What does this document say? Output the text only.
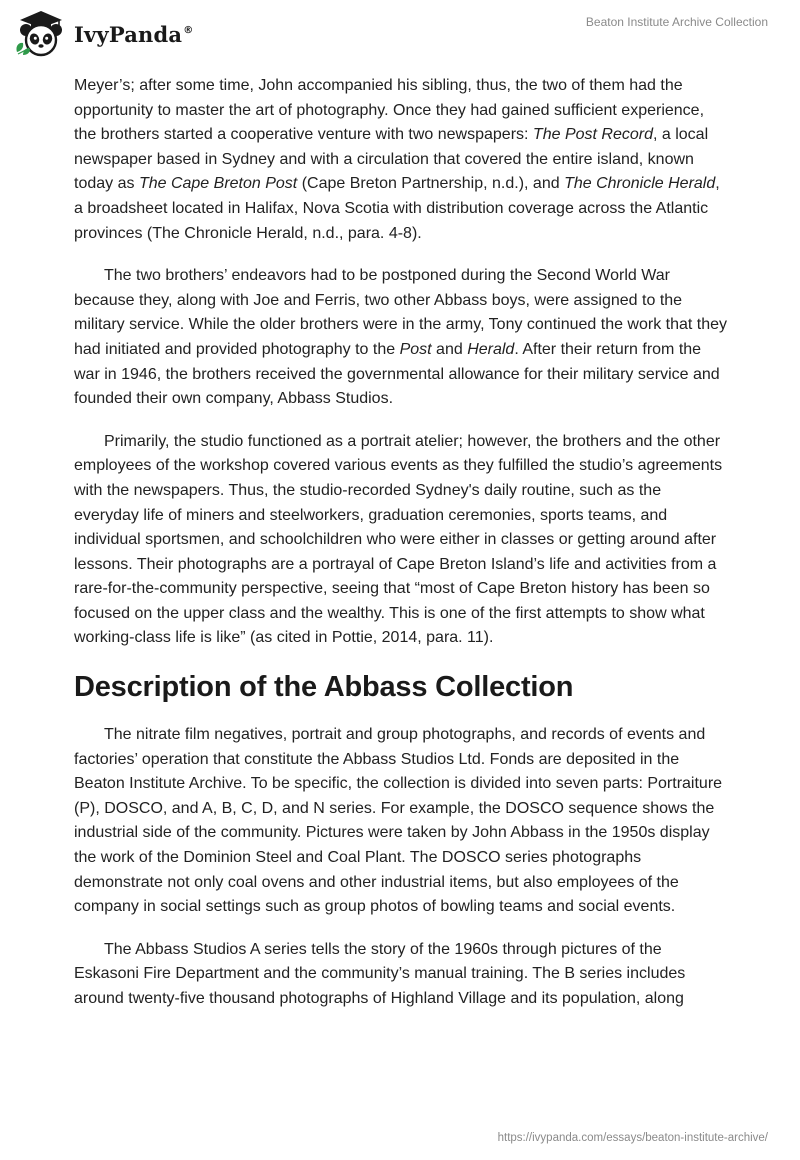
IvyPanda®
Beaton Institute Archive Collection

Meyer’s; after some time, John accompanied his sibling, thus, the two of them had the opportunity to master the art of photography. Once they had gained sufficient experience, the brothers started a cooperative venture with two newspapers: The Post Record, a local newspaper based in Sydney and with a circulation that covered the entire island, known today as The Cape Breton Post (Cape Breton Partnership, n.d.), and The Chronicle Herald, a broadsheet located in Halifax, Nova Scotia with distribution coverage across the Atlantic provinces (The Chronicle Herald, n.d., para. 4-8).

The two brothers’ endeavors had to be postponed during the Second World War because they, along with Joe and Ferris, two other Abbass boys, were assigned to the military service. While the older brothers were in the army, Tony continued the work that they had initiated and provided photography to the Post and Herald. After their return from the war in 1946, the brothers received the governmental allowance for their military service and founded their own company, Abbass Studios.

Primarily, the studio functioned as a portrait atelier; however, the brothers and the other employees of the workshop covered various events as they fulfilled the studio’s agreements with the newspapers. Thus, the studio-recorded Sydney's daily routine, such as the everyday life of miners and steelworkers, graduation ceremonies, sports teams, and individual sportsmen, and schoolchildren who were either in classes or getting around after lessons. Their photographs are a portrayal of Cape Breton Island’s life and activities from a rare-for-the-community perspective, seeing that “most of Cape Breton history has been so focused on the upper class and the wealthy. This is one of the first attempts to show what working-class life is like” (as cited in Pottie, 2014, para. 11).

Description of the Abbass Collection

The nitrate film negatives, portrait and group photographs, and records of events and factories’ operation that constitute the Abbass Studios Ltd. Fonds are deposited in the Beaton Institute Archive. To be specific, the collection is divided into seven parts: Portraiture (P), DOSCO, and A, B, C, D, and N series. For example, the DOSCO sequence shows the industrial side of the community. Pictures were taken by John Abbass in the 1950s display the work of the Dominion Steel and Coal Plant. The DOSCO series photographs demonstrate not only coal ovens and other industrial items, but also employees of the company in social settings such as group photos of bowling teams and social events.

The Abbass Studios A series tells the story of the 1960s through pictures of the Eskasoni Fire Department and the community’s manual training. The B series includes around twenty-five thousand photographs of Highland Village and its population, along

https://ivypanda.com/essays/beaton-institute-archive/
